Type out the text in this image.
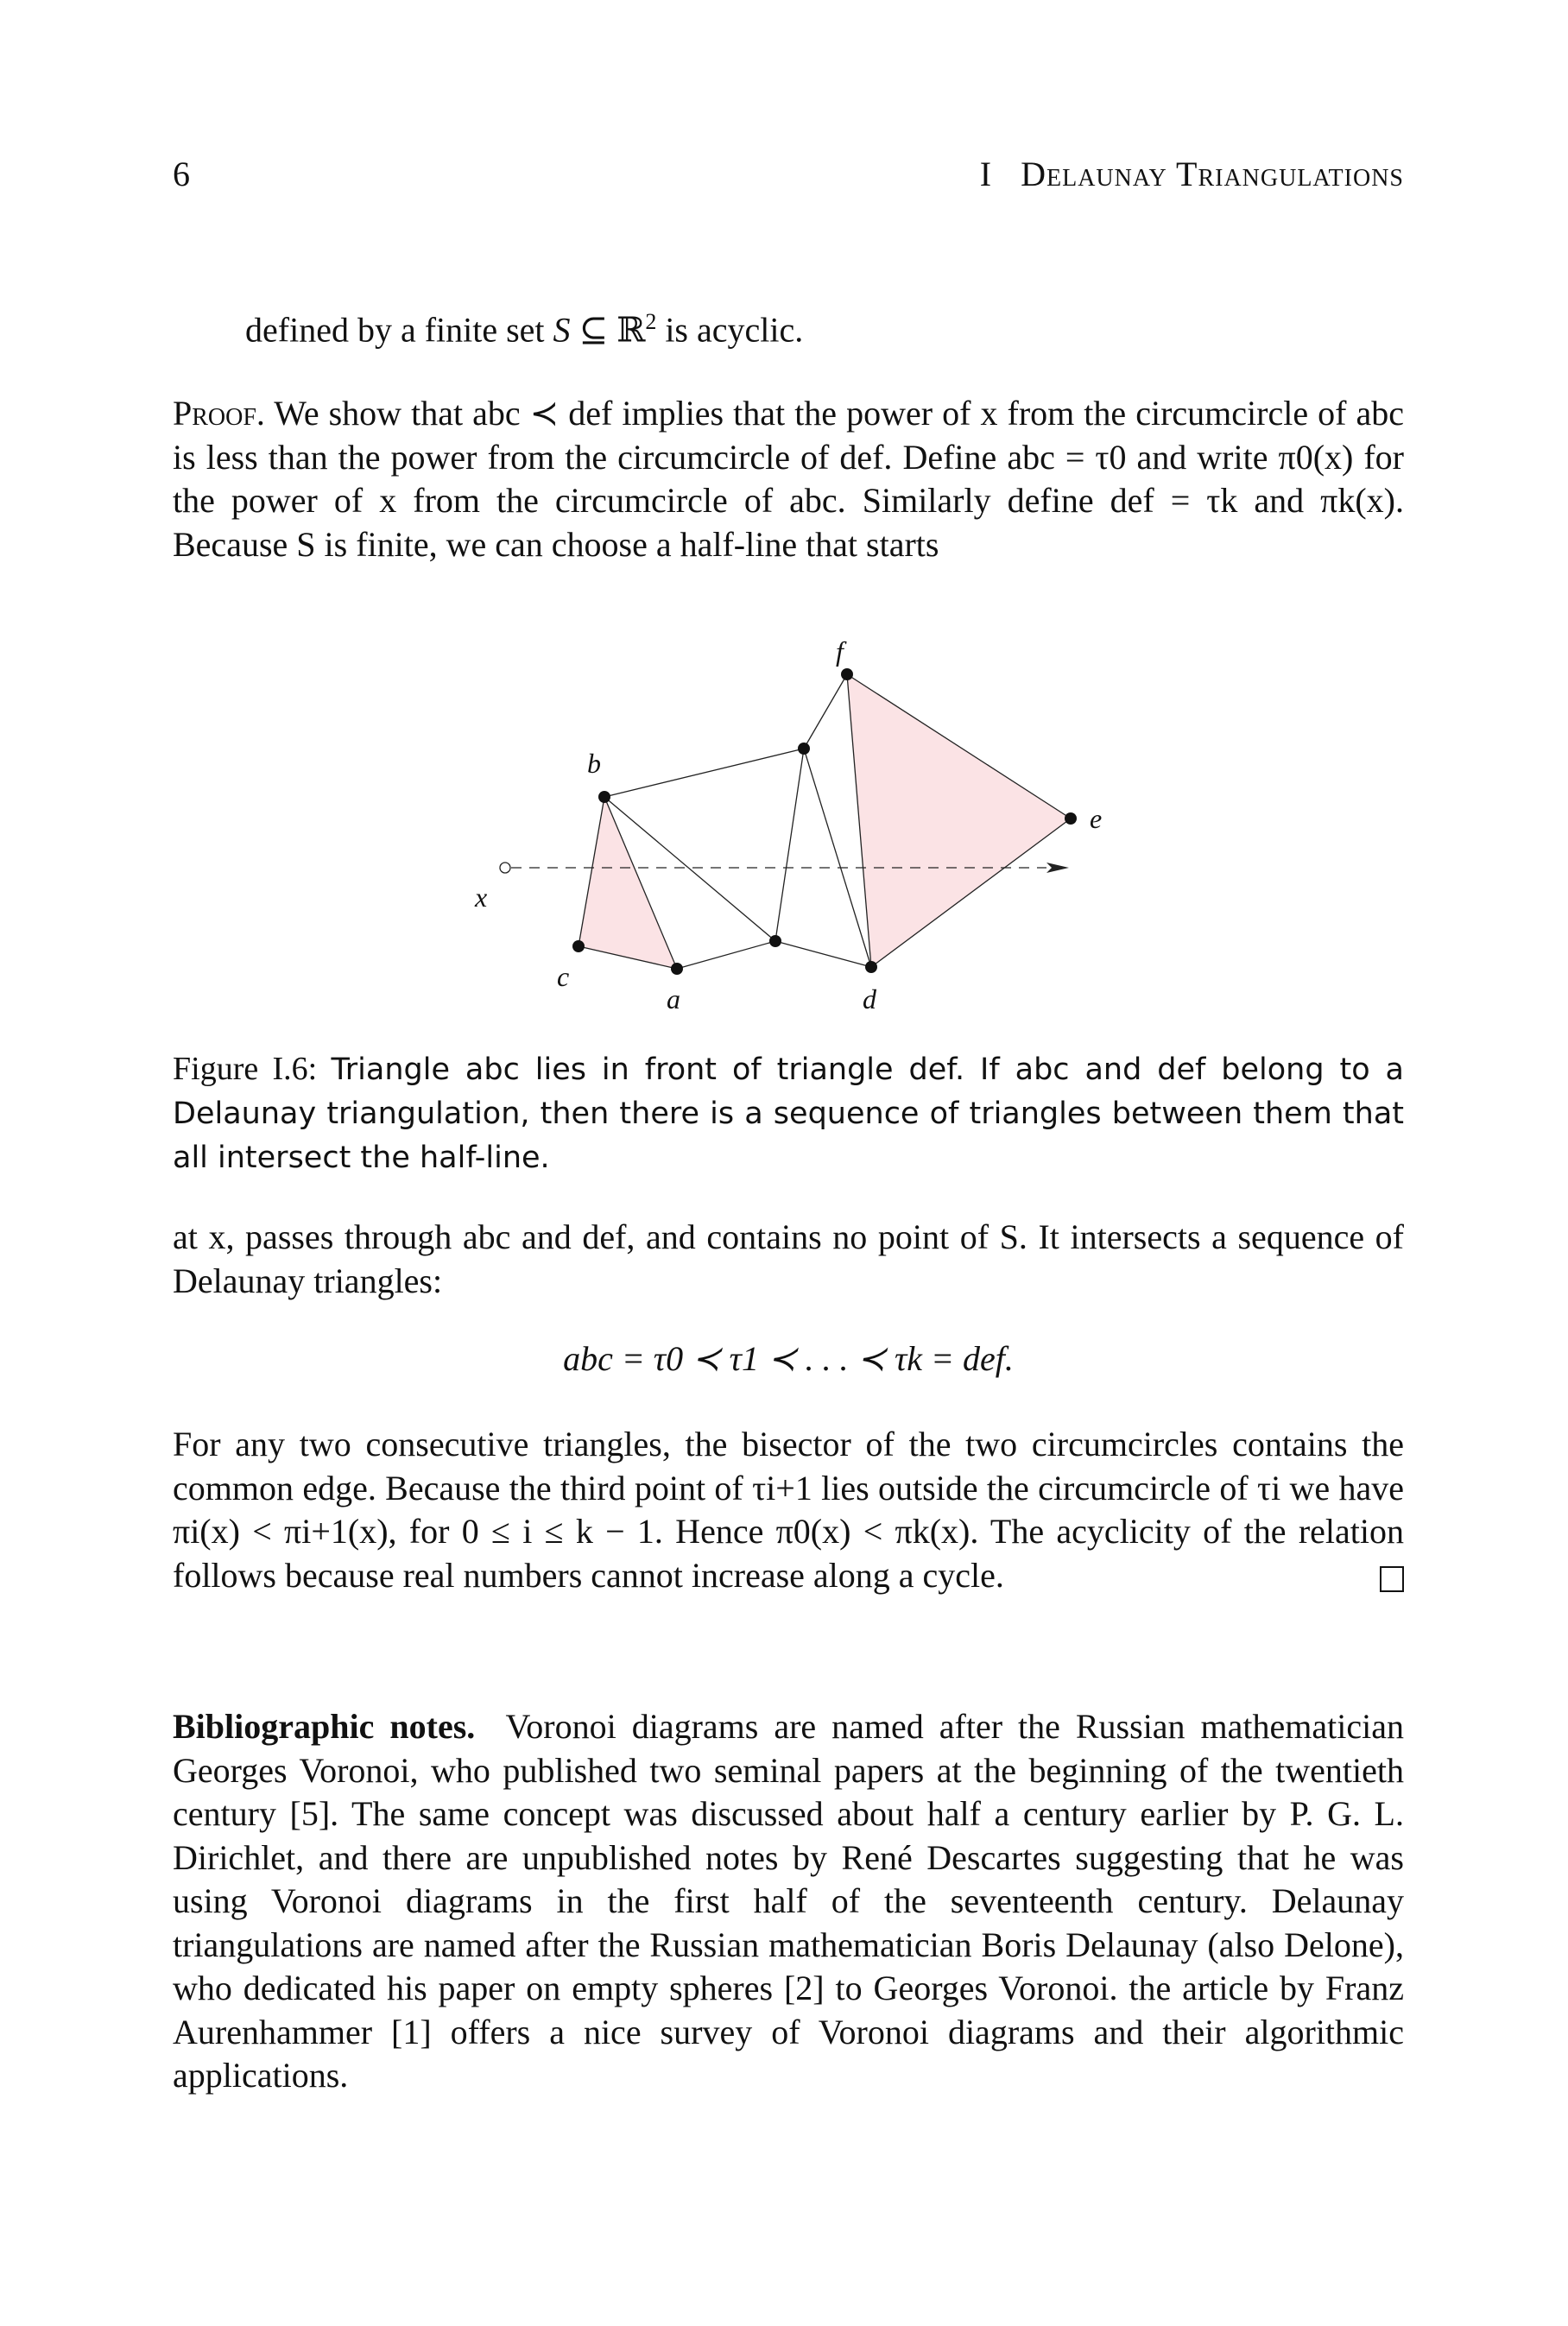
6	I Delaunay Triangulations
defined by a finite set S ⊆ ℝ$^2$ is acyclic.

Proof. We show that abc ≺ def implies that the power of x from the circumcircle of abc is less than the power from the circumcircle of def. Define abc = τ0 and write π0(x) for the power of x from the circumcircle of abc. Similarly define def = τk and πk(x). Because S is finite, we can choose a half-line that starts

f
b
e
x
c
a	d
Figure I.6: Triangle abc lies in front of triangle def. If abc and def belong to a Delaunay triangulation, then there is a sequence of triangles between them that all intersect the half-line.

at x, passes through abc and def, and contains no point of S. It intersects a sequence of Delaunay triangles:

abc = τ0 ≺ τ1 ≺ . . . ≺ τk = def.

For any two consecutive triangles, the bisector of the two circumcircles contains the common edge. Because the third point of τi+1 lies outside the circumcircle of τi we have πi(x) < πi+1(x), for 0 ≤ i ≤ k − 1. Hence π0(x) < πk(x). The acyclicity of the relation follows because real numbers cannot increase along a cycle.

Bibliographic notes. Voronoi diagrams are named after the Russian mathematician Georges Voronoi, who published two seminal papers at the beginning of the twentieth century [5]. The same concept was discussed about half a century earlier by P. G. L. Dirichlet, and there are unpublished notes by René Descartes suggesting that he was using Voronoi diagrams in the first half of the seventeenth century. Delaunay triangulations are named after the Russian mathematician Boris Delaunay (also Delone), who dedicated his paper on empty spheres [2] to Georges Voronoi. the article by Franz Aurenhammer [1] offers a nice survey of Voronoi diagrams and their algorithmic applications.
